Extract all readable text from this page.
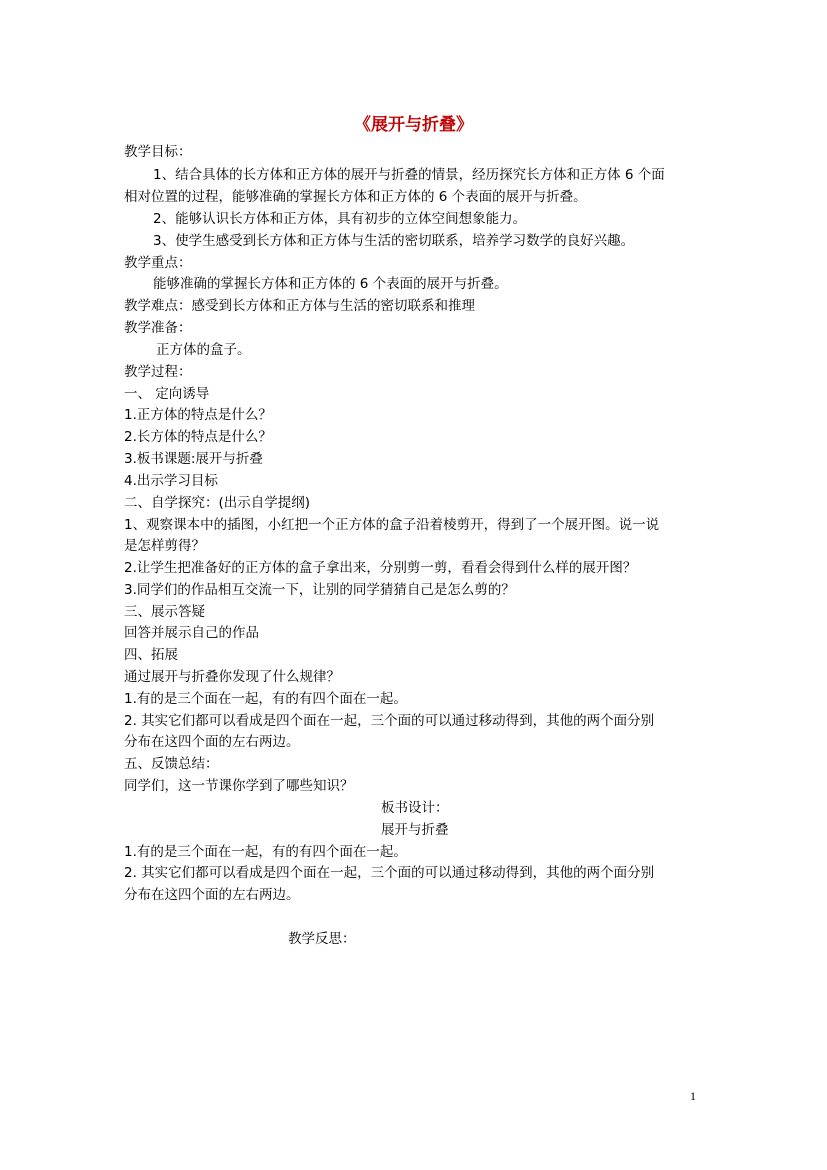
《展开与折叠》
教学目标：
1、结合具体的长方体和正方体的展开与折叠的情景，经历探究长方体和正方体 6 个面
相对位置的过程，能够准确的掌握长方体和正方体的 6 个表面的展开与折叠。
2、能够认识长方体和正方体，具有初步的立体空间想象能力。
3、使学生感受到长方体和正方体与生活的密切联系，培养学习数学的良好兴趣。
教学重点：
能够准确的掌握长方体和正方体的 6 个表面的展开与折叠。
教学难点：感受到长方体和正方体与生活的密切联系和推理
教学准备：
正方体的盒子。
教学过程：
一、 定向诱导
1.正方体的特点是什么？
2.长方体的特点是什么？
3.板书课题:展开与折叠
4.出示学习目标
二、自学探究：(出示自学提纲)
1、观察课本中的插图，小红把一个正方体的盒子沿着棱剪开，得到了一个展开图。说一说
是怎样剪得？
2.让学生把准备好的正方体的盒子拿出来，分别剪一剪，看看会得到什么样的展开图？
3.同学们的作品相互交流一下，让别的同学猜猜自己是怎么剪的？
三、展示答疑
回答并展示自己的作品
四、拓展
通过展开与折叠你发现了什么规律？
1.有的是三个面在一起，有的有四个面在一起。
2. 其实它们都可以看成是四个面在一起，三个面的可以通过移动得到，其他的两个面分别
分布在这四个面的左右两边。
五、反馈总结：
同学们，这一节课你学到了哪些知识？
板书设计：
展开与折叠
1.有的是三个面在一起，有的有四个面在一起。
2. 其实它们都可以看成是四个面在一起，三个面的可以通过移动得到，其他的两个面分别
分布在这四个面的左右两边。
教学反思：
1
